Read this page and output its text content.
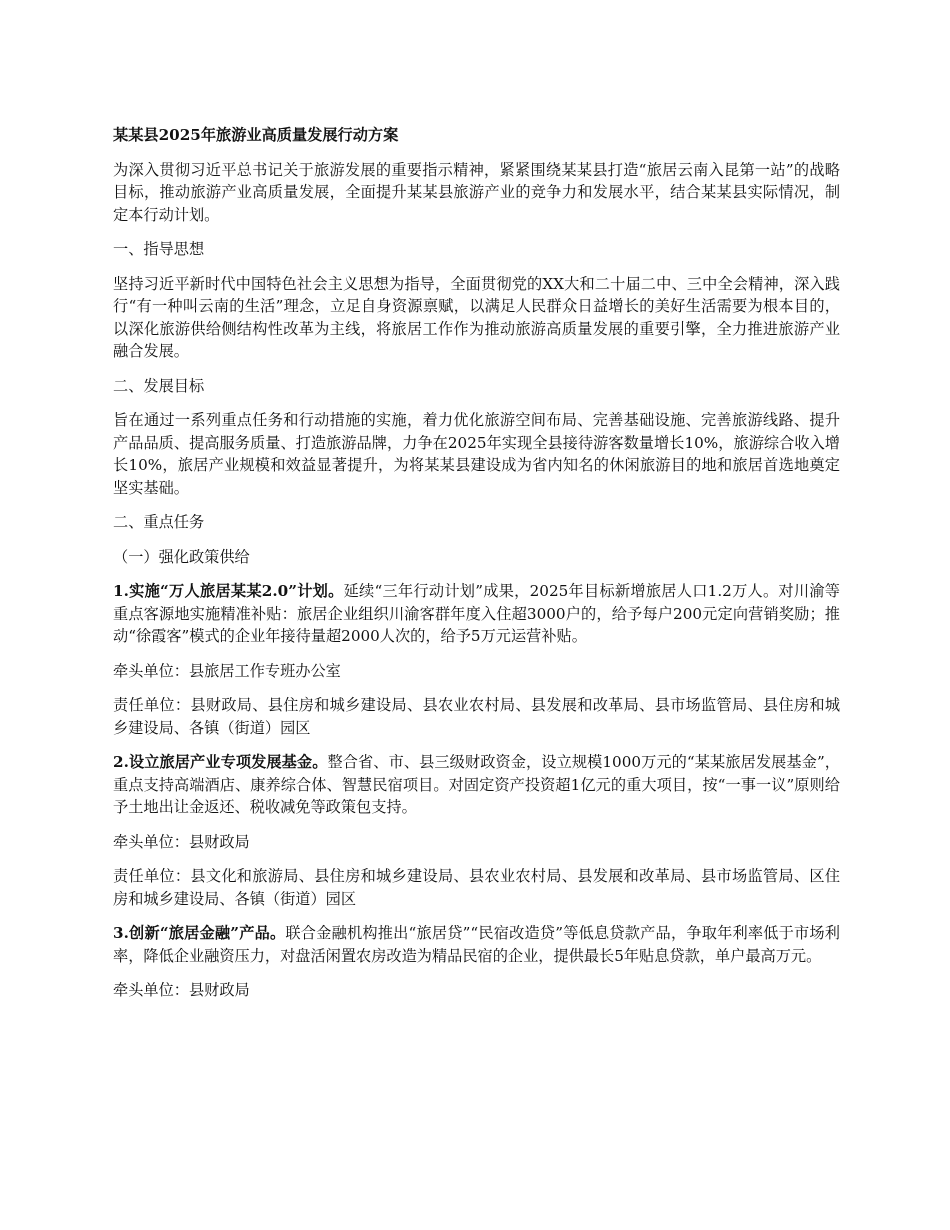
某某县2025年旅游业高质量发展行动方案

为深入贯彻习近平总书记关于旅游发展的重要指示精神，紧紧围绕某某县打造“旅居云南入昆第一站”的战略目标，推动旅游产业高质量发展，全面提升某某县旅游产业的竞争力和发展水平，结合某某县实际情况，制定本行动计划。

一、指导思想

坚持习近平新时代中国特色社会主义思想为指导，全面贯彻党的XX大和二十届二中、三中全会精神，深入践行“有一种叫云南的生活”理念，立足自身资源禀赋，以满足人民群众日益增长的美好生活需要为根本目的，以深化旅游供给侧结构性改革为主线，将旅居工作作为推动旅游高质量发展的重要引擎，全力推进旅游产业融合发展。

二、发展目标

旨在通过一系列重点任务和行动措施的实施，着力优化旅游空间布局、完善基础设施、完善旅游线路、提升产品品质、提高服务质量、打造旅游品牌，力争在2025年实现全县接待游客数量增长10%，旅游综合收入增长10%，旅居产业规模和效益显著提升，为将某某县建设成为省内知名的休闲旅游目的地和旅居首选地奠定坚实基础。

二、重点任务
（一）强化政策供给

1.实施“万人旅居某某2.0”计划。延续“三年行动计划”成果，2025年目标新增旅居人口1.2万人。对川渝等重点客源地实施精准补贴：旅居企业组织川渝客群年度入住超3000户的，给予每户200元定向营销奖励；推动“徐霞客”模式的企业年接待量超2000人次的，给予5万元运营补贴。

牵头单位：县旅居工作专班办公室

责任单位：县财政局、县住房和城乡建设局、县农业农村局、县发展和改革局、县市场监管局、县住房和城乡建设局、各镇（街道）园区

2.设立旅居产业专项发展基金。整合省、市、县三级财政资金，设立规模1000万元的“某某旅居发展基金”，重点支持高端酒店、康养综合体、智慧民宿项目。对固定资产投资超1亿元的重大项目，按“一事一议”原则给予土地出让金返还、税收减免等政策包支持。

牵头单位：县财政局

责任单位：县文化和旅游局、县住房和城乡建设局、县农业农村局、县发展和改革局、县市场监管局、区住房和城乡建设局、各镇（街道）园区

3.创新“旅居金融”产品。联合金融机构推出“旅居贷”“民宿改造贷”等低息贷款产品，争取年利率低于市场利率，降低企业融资压力，对盘活闲置农房改造为精品民宿的企业，提供最长5年贴息贷款，单户最高万元。

牵头单位：县财政局
